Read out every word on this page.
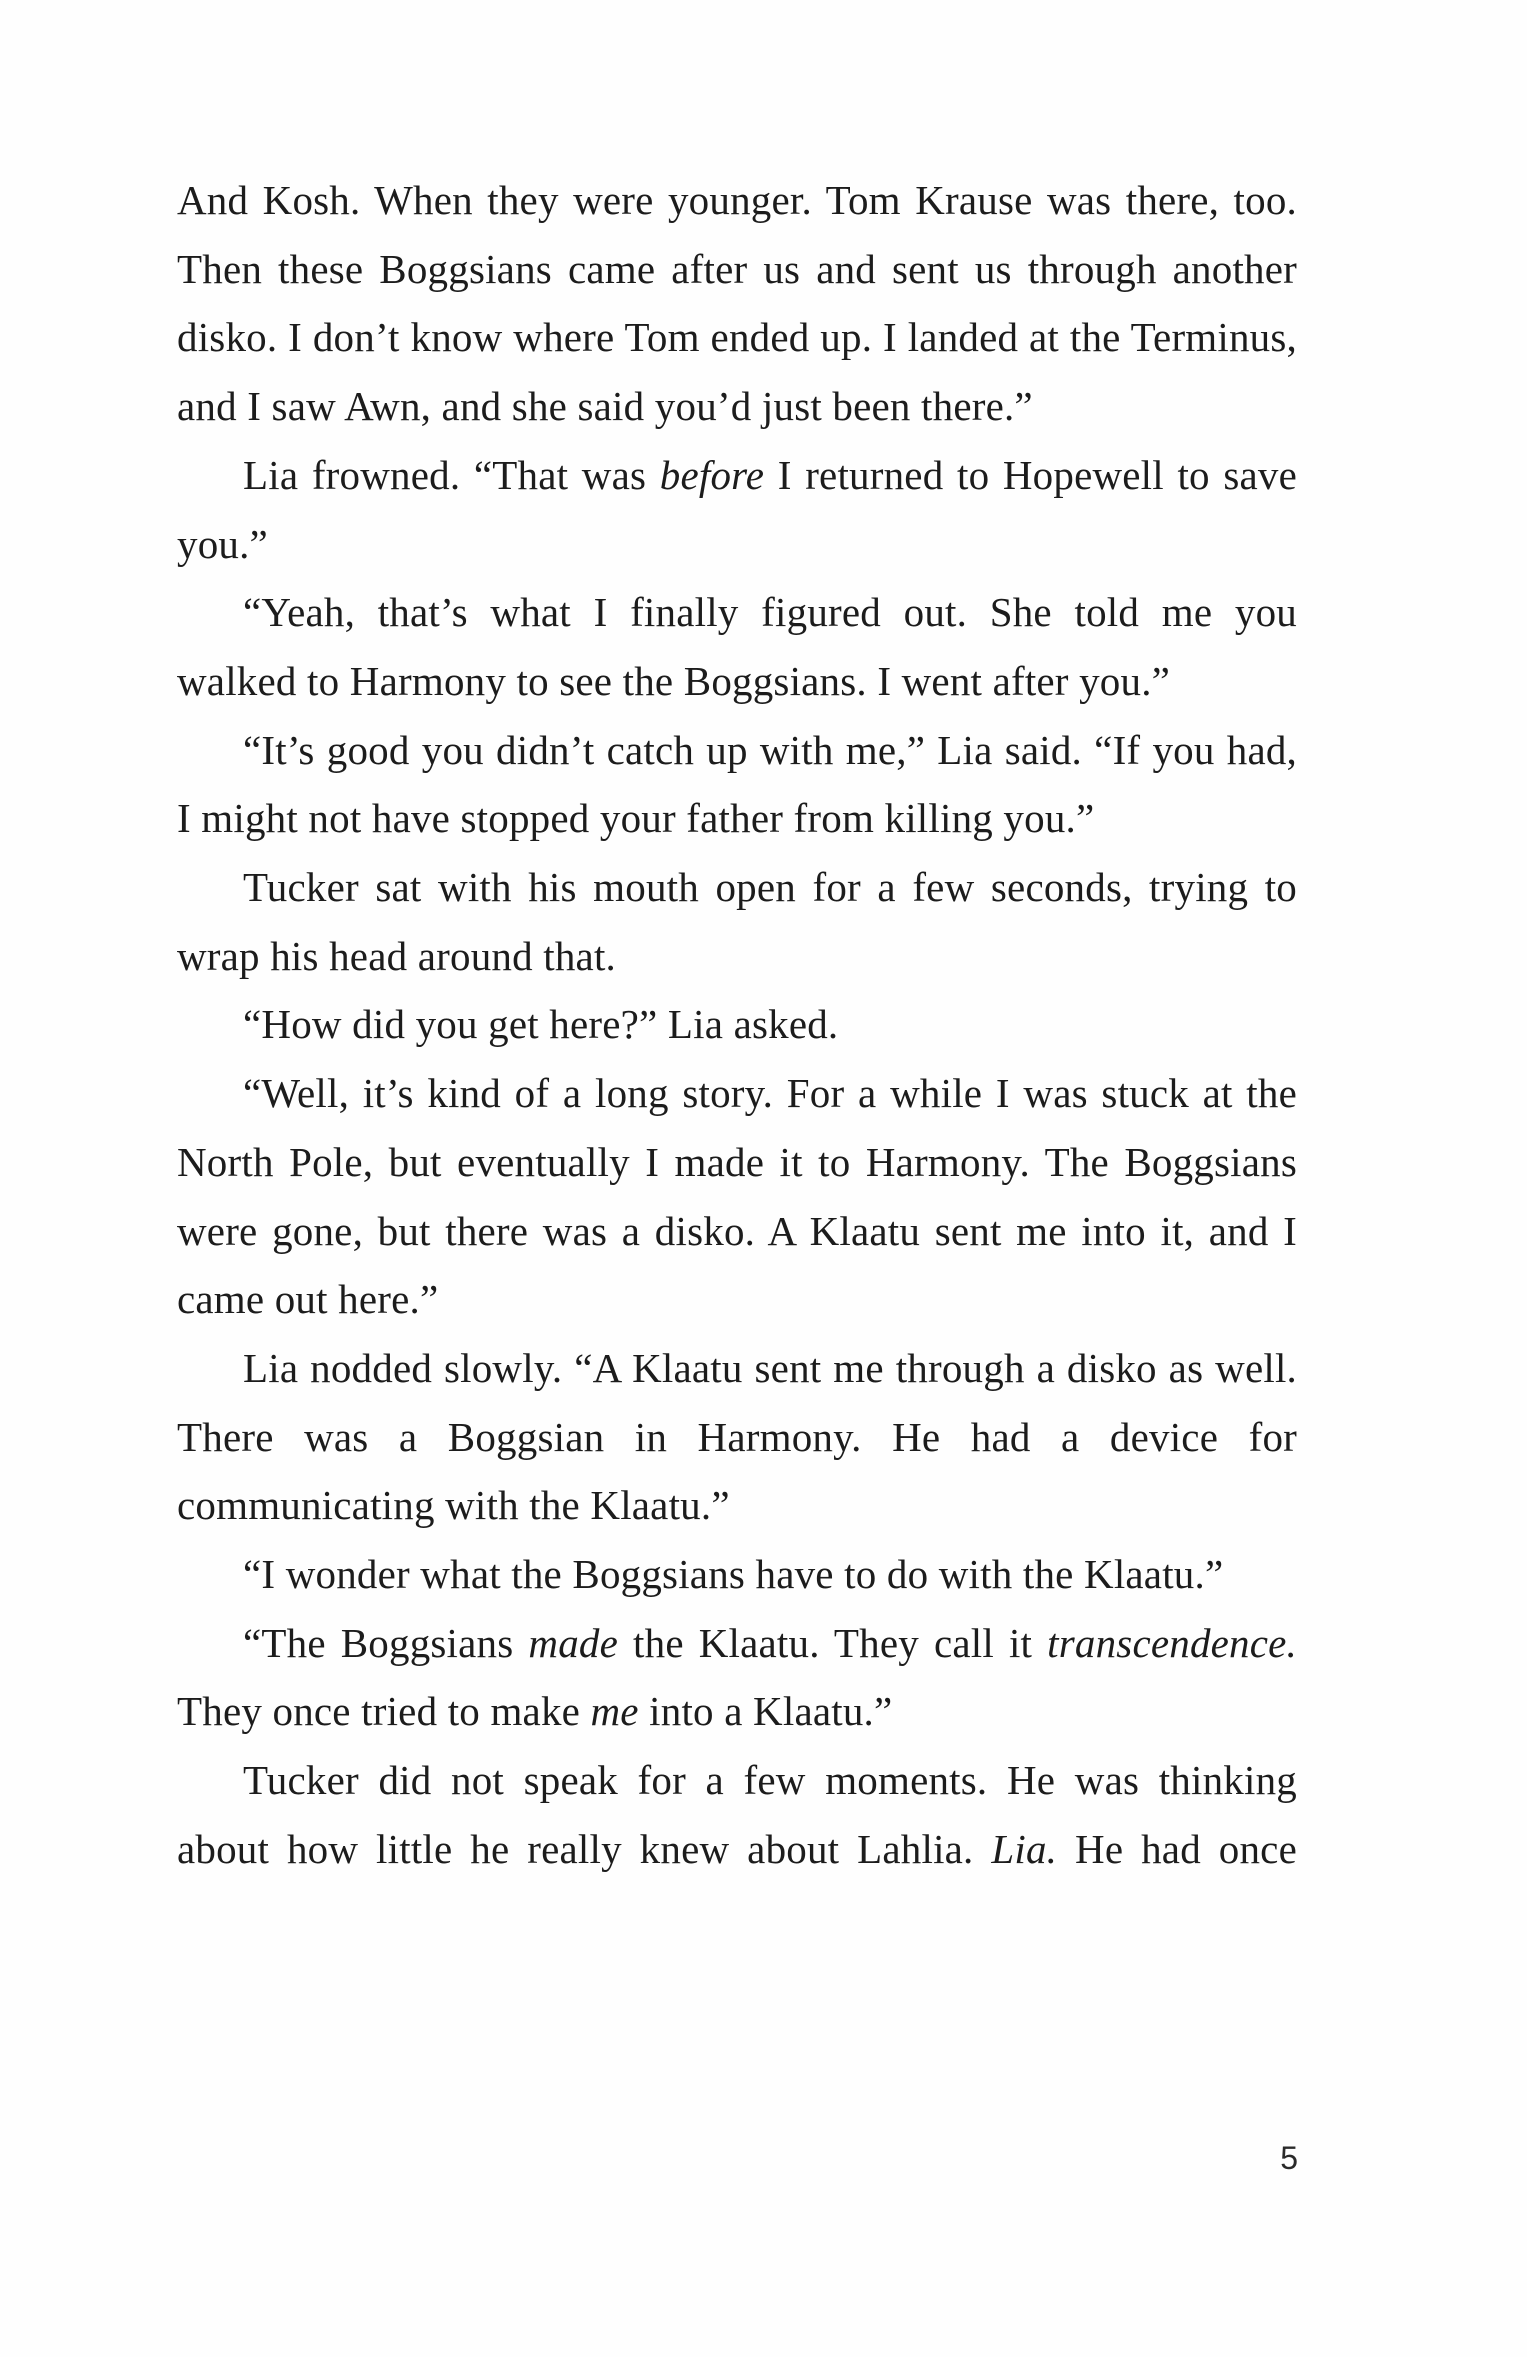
And Kosh. When they were younger. Tom Krause was there, too. Then these Boggsians came after us and sent us through another disko. I don’t know where Tom ended up. I landed at the Terminus, and I saw Awn, and she said you’d just been there.”

Lia frowned. “That was before I returned to Hopewell to save you.”

“Yeah, that’s what I finally figured out. She told me you walked to Harmony to see the Boggsians. I went after you.”

“It’s good you didn’t catch up with me,” Lia said. “If you had, I might not have stopped your father from killing you.”

Tucker sat with his mouth open for a few seconds, trying to wrap his head around that.

“How did you get here?” Lia asked.

“Well, it’s kind of a long story. For a while I was stuck at the North Pole, but eventually I made it to Harmony. The Boggsians were gone, but there was a disko. A Klaatu sent me into it, and I came out here.”

Lia nodded slowly. “A Klaatu sent me through a disko as well. There was a Boggsian in Harmony. He had a device for communicating with the Klaatu.”

“I wonder what the Boggsians have to do with the Klaatu.”

“The Boggsians made the Klaatu. They call it transcendence. They once tried to make me into a Klaatu.”

Tucker did not speak for a few moments. He was thinking about how little he really knew about Lahlia. Lia. He had once

5
